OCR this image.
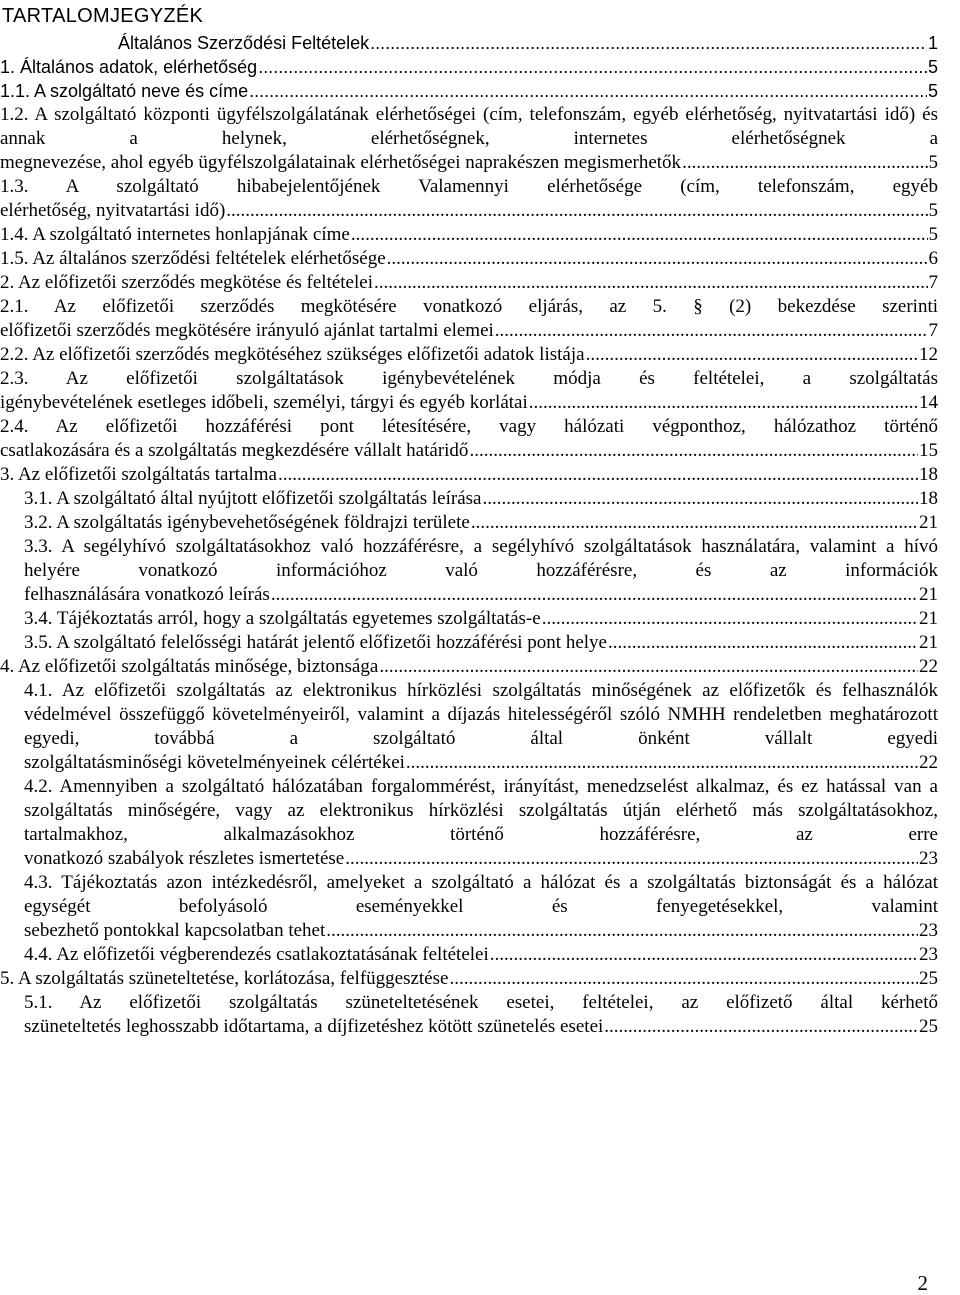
TARTALOMJEGYZÉK
Általános Szerződési Feltételek .....	1
1. Általános adatok, elérhetőség .....	5
1.1. A szolgáltató neve és címe .....	5
1.2. A szolgáltató központi ügyfélszolgálatának elérhetőségei (cím, telefonszám, egyéb elérhetőség, nyitvatartási idő) és annak a helynek, elérhetőségnek, internetes elérhetőségnek a
megnevezése, ahol egyéb ügyfélszolgálatainak elérhetőségei naprakészen megismerhetők .....	5
1.3. A szolgáltató hibabejelentőjének Valamennyi elérhetősége (cím, telefonszám, egyéb
elérhetőség, nyitvatartási idő) .....	5
1.4. A szolgáltató internetes honlapjának címe .....	5
1.5. Az általános szerződési feltételek elérhetősége .....	6
2. Az előfizetői szerződés megkötése és feltételei .....	7
2.1. Az előfizetői szerződés megkötésére vonatkozó eljárás, az 5. § (2) bekezdése szerinti
előfizetői szerződés megkötésére irányuló ajánlat tartalmi elemei .....	7
2.2. Az előfizetői szerződés megkötéséhez szükséges előfizetői adatok listája .....	12
2.3. Az előfizetői szolgáltatások igénybevételének módja és feltételei, a szolgáltatás
igénybevételének esetleges időbeli, személyi, tárgyi és egyéb korlátai .....	14
2.4. Az előfizetői hozzáférési pont létesítésére, vagy hálózati végponthoz, hálózathoz történő
csatlakozására és a szolgáltatás megkezdésére vállalt határidő .....	15
3. Az előfizetői szolgáltatás tartalma .....	18
3.1. A szolgáltató által nyújtott előfizetői szolgáltatás leírása .....	18
3.2. A szolgáltatás igénybevehetőségének földrajzi területe .....	21
3.3. A segélyhívó szolgáltatásokhoz való hozzáférésre, a segélyhívó szolgáltatások használatára, valamint a hívó helyére vonatkozó információhoz való hozzáférésre, és az információk
felhasználására vonatkozó leírás .....	21
3.4. Tájékoztatás arról, hogy a szolgáltatás egyetemes szolgáltatás-e .....	21
3.5. A szolgáltató felelősségi határát jelentő előfizetői hozzáférési pont helye .....	21
4. Az előfizetői szolgáltatás minősége, biztonsága .....	22
4.1. Az előfizetői szolgáltatás az elektronikus hírközlési szolgáltatás minőségének az előfizetők és felhasználók védelmével összefüggő követelményeiről, valamint a díjazás hitelességéről szóló NMHH rendeletben meghatározott egyedi, továbbá a szolgáltató által önként vállalt egyedi
szolgáltatásminőségi követelményeinek célértékei .....	22
4.2. Amennyiben a szolgáltató hálózatában forgalommérést, irányítást, menedzselést alkalmaz, és ez hatással van a szolgáltatás minőségére, vagy az elektronikus hírközlési szolgáltatás útján elérhető más szolgáltatásokhoz, tartalmakhoz, alkalmazásokhoz történő hozzáférésre, az erre
vonatkozó szabályok részletes ismertetése .....	23
4.3. Tájékoztatás azon intézkedésről, amelyeket a szolgáltató a hálózat és a szolgáltatás biztonságát és a hálózat egységét befolyásoló eseményekkel és fenyegetésekkel, valamint
sebezhető pontokkal kapcsolatban tehet .....	23
4.4. Az előfizetői végberendezés csatlakoztatásának feltételei .....	23
5. A szolgáltatás szüneteltetése, korlátozása, felfüggesztése .....	25
5.1. Az előfizetői szolgáltatás szüneteltetésének esetei, feltételei, az előfizető által kérhető
szüneteltetés leghosszabb időtartama, a díjfizetéshez kötött szünetelés esetei .....	25
2
